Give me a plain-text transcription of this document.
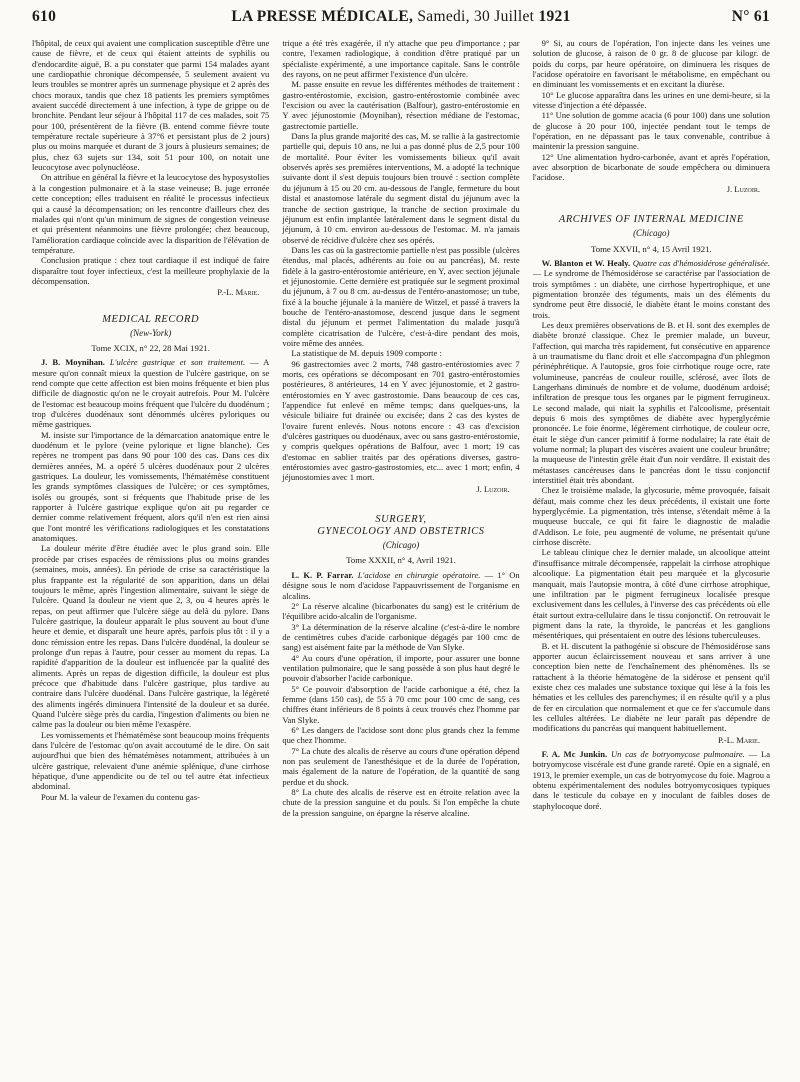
610	LA PRESSE MÉDICALE, Samedi, 30 Juillet 1921	N° 61

l'hôpital, de ceux qui avaient une complication susceptible d'être une cause de fièvre, et de ceux qui étaient atteints de syphilis ou d'endocardite aiguë, B. a pu constater que parmi 154 malades ayant une cardiopathie chronique décompensée, 5 seulement avaient vu leurs troubles se montrer après un surmenage physique et 2 après des chocs moraux, tandis que chez 18 patients les premiers symptômes avaient succédé directement à une infection, à type de grippe ou de bronchite. Pendant leur séjour à l'hôpital 117 de ces malades, soit 75 pour 100, présentèrent de la fièvre (B. entend comme fièvre toute température rectale supérieure à 37°6 et persistant plus de 2 jours) plus ou moins marquée et durant de 3 jours à plusieurs semaines; de plus, chez 63 sujets sur 134, soit 51 pour 100, on notait une leucocytose avec polynucléose.

On attribue en général la fièvre et la leucocytose des hyposystolies à la congestion pulmonaire et à la stase veineuse; B. juge erronée cette conception; elles traduisent en réalité le processus infectieux qui a causé la décompensation; on les rencontre d'ailleurs chez des malades qui n'ont qu'un minimum de signes de congestion veineuse et qui présentent néanmoins une fièvre prolongée; chez beaucoup, l'amélioration cardiaque coïncide avec la disparition de l'élévation de température.

Conclusion pratique : chez tout cardiaque il est indiqué de faire disparaître tout foyer infectieux, c'est la meilleure prophylaxie de la décompensation.

P.-L. Marie.
MEDICAL RECORD
(New-York)
Tome XCIX, n° 22, 28 Mai 1921.

J. B. Moynihan. L'ulcère gastrique et son traitement. — A mesure qu'on connaît mieux la question de l'ulcère gastrique, on se rend compte que cette affection est bien moins fréquente et bien plus difficile de diagnostic qu'on ne le croyait autrefois. Pour M. l'ulcère de l'estomac est beaucoup moins fréquent que l'ulcère du duodénum ; trop d'ulcères duodénaux sont dénommés ulcères pyloriques ou même gastriques.

M. insiste sur l'importance de la démarcation anatomique entre le duodénum et le pylore (veine pylorique et ligne blanche). Ces repères ne trompent pas dans 90 pour 100 des cas. Dans ces dix dernières années, M. a opéré 5 ulcères duodénaux pour 2 ulcères gastriques. La douleur, les vomissements, l'hématémèse constituent les grands symptômes classiques de l'ulcère; or ces symptômes, isolés ou groupés, sont si fréquents que l'habitude prise de les rapporter à l'ulcère gastrique explique qu'on ait pu regarder ce dernier comme relativement fréquent, alors qu'il n'en est rien ainsi que l'ont montré les vérifications radiologiques et les constatations anatomiques.

La douleur mérite d'être étudiée avec le plus grand soin. Elle procède par crises espacées de rémissions plus ou moins grandes (semaines, mois, années). En période de crise sa caractéristique la plus frappante est la régularité de son apparition, dans un délai toujours le même, après l'ingestion alimentaire, suivant le siège de l'ulcère. Quand la douleur ne vient que 2, 3, ou 4 heures après le repas, on peut affirmer que l'ulcère siège au delà du pylore. Dans l'ulcère gastrique, la douleur apparaît le plus souvent au bout d'une heure et demie, et disparaît une heure après, parfois plus tôt : il y a donc rémission entre les repas. Dans l'ulcère duodénal, la douleur se prolonge d'un repas à l'autre, pour cesser au moment du repas. La rapidité d'apparition de la douleur est influencée par la qualité des aliments. Après un repas de digestion difficile, la douleur est plus précoce que d'habitude dans l'ulcère gastrique, plus tardive au contraire dans l'ulcère duodénal. Dans l'ulcère gastrique, la légèreté des aliments ingérés diminuera l'intensité de la douleur et sa durée. Quand l'ulcère siège près du cardia, l'ingestion d'aliments ou bien ne calme pas la douleur ou bien même l'exaspère.

Les vomissements et l'hématémèse sont beaucoup moins fréquents dans l'ulcère de l'estomac qu'on avait accoutumé de le dire. On sait aujourd'hui que bien des hématémèses notamment, attribuées à un ulcère gastrique, relevaient d'une anémie splénique, d'une cirrhose hépatique, d'une appendicite ou de tel ou tel autre état infectieux abdominal.

Pour M. la valeur de l'examen du contenu gas-

trique a été très exagérée, il n'y attache que peu d'importance ; par contre, l'examen radiologique, à condition d'être pratiqué par un spécialiste expérimenté, a une importance capitale. Sans le contrôle des rayons, on ne peut affirmer l'existence d'un ulcère.

M. passe ensuite en revue les différentes méthodes de traitement : gastro-entérostomie, excision, gastro-entérostomie combinée avec l'excision ou avec la cautérisation (Balfour), gastro-entérostomie en Y avec jéjunostomie (Moynihan), résection médiane de l'estomac, gastrectomie partielle.

Dans la plus grande majorité des cas, M. se rallie à la gastrectomie partielle qui, depuis 10 ans, ne lui a pas donné plus de 2,5 pour 100 de mortalité. Pour éviter les vomissements bilieux qu'il avait observés après ses premières interventions, M. a adopté la technique suivante dont il s'est depuis toujours bien trouvé : section complète du jéjunum à 15 ou 20 cm. au-dessous de l'angle, fermeture du bout distal et anastomose latérale du segment distal du jéjunum avec la tranche de section gastrique, la tranche de section proximale du jéjunum est enfin implantée latéralement dans le segment distal du jéjunum, à 10 cm. environ au-dessous de l'estomac. M. n'a jamais observé de récidive d'ulcère chez ses opérés.

Dans les cas où la gastrectomie partielle n'est pas possible (ulcères étendus, mal placés, adhérents au foie ou au pancréas), M. reste fidèle à la gastro-entérostomie antérieure, en Y, avec section jéjunale et jéjunostomie. Cette dernière est pratiquée sur le segment proximal du jéjunum, à 7 ou 8 cm. au-dessus de l'entéro-anastomose; un tube, fixé à la bouche jéjunale à la manière de Witzel, et passé à travers la bouche de l'entéro-anastomose, descend jusque dans le segment distal du jéjunum et permet l'alimentation du malade jusqu'à complète cicatrisation de l'ulcère, c'est-à-dire pendant des mois, voire même des années.

La statistique de M. depuis 1909 comporte :

96 gastrectomies avec 2 morts, 748 gastro-entérostomies avec 7 morts, ces opérations se décomposant en 701 gastro-entérostomies postérieures, 8 antérieures, 14 en Y avec jéjunostomie, et 2 gastro-entérostomies en Y avec gastrostomie. Dans beaucoup de ces cas, l'appendice fut enlevé en même temps; dans quelques-uns, la vésicule biliaire fut drainée ou excisée; dans 2 cas des kystes de l'ovaire furent enlevés. Nous notons encore : 43 cas d'excision d'ulcères gastriques ou duodénaux, avec ou sans gastro-entérostomie, y compris quelques opérations de Balfour, avec 1 mort; 19 cas d'estomac en sablier traités par des opérations diverses, gastro-entérostomies avec gastro-gastrostomies, etc... avec 1 mort; enfin, 4 jéjunostomies avec 1 mort.

J. Luzoir.
SURGERY,
GYNECOLOGY AND OBSTETRICS
(Chicago)
Tome XXXII, n° 4, Avril 1921.

L. K. P. Farrar. L'acidose en chirurgie opératoire. — 1° On désigne sous le nom d'acidose l'appauvrissement de l'organisme en alcalins.

2° La réserve alcaline (bicarbonates du sang) est le critérium de l'équilibre acido-alcalin de l'organisme.

3° La détermination de la réserve alcaline (c'est-à-dire le nombre de centimètres cubes d'acide carbonique dégagés par 100 cmc de sang) est aisément faite par la méthode de Van Slyke.

4° Au cours d'une opération, il importe, pour assurer une bonne ventilation pulmonaire, que le sang possède à son plus haut degré le pouvoir d'absorber l'acide carbonique.

5° Ce pouvoir d'absorption de l'acide carbonique a été, chez la femme (dans 150 cas), de 55 à 70 cmc pour 100 cmc de sang, ces chiffres étant inférieurs de 8 points à ceux trouvés chez l'homme par Van Slyke.

6° Les dangers de l'acidose sont donc plus grands chez la femme que chez l'homme.

7° La chute des alcalis de réserve au cours d'une opération dépend non pas seulement de l'anesthésique et de la durée de l'opération, mais également de la nature de l'opération, de la quantité de sang perdue et du shock.

8° La chute des alcalis de réserve est en étroite relation avec la chute de la pression sanguine et du pouls. Si l'on empêche la chute de la pression sanguine, on épargne la réserve alcaline.

9° Si, au cours de l'opération, l'on injecte dans les veines une solution de glucose, à raison de 0 gr. 8 de glucose par kilogr. de poids du corps, par heure opératoire, on diminuera les risques de l'acidose opératoire en favorisant le métabolisme, en empêchant ou en diminuant les vomissements et en excitant la diurèse.

10° Le glucose apparaîtra dans les urines en une demi-heure, si la vitesse d'injection a été dépassée.

11° Une solution de gomme acacia (6 pour 100) dans une solution de glucose à 20 pour 100, injectée pendant tout le temps de l'opération, en ne dépassant pas le taux convenable, contribue à maintenir la pression sanguine.

12° Une alimentation hydro-carbonée, avant et après l'opération, avec absorption de bicarbonate de soude empêchera ou diminuera l'acidose.

J. Luzoir.
ARCHIVES OF INTERNAL MEDICINE
(Chicago)
Tome XXVII, n° 4, 15 Avril 1921.

W. Blanton et W. Healy. Quatre cas d'hémosidérose généralisée. — Le syndrome de l'hémosidérose se caractérise par l'association de trois symptômes : un diabète, une cirrhose hypertrophique, et une pigmentation bronzée des téguments, mais un des éléments du syndrome peut être dissocié, le diabète étant le moins constant des trois.

Les deux premières observations de B. et H. sont des exemples de diabète bronzé classique. Chez le premier malade, un buveur, l'affection, qui marcha très rapidement, fut consécutive en apparence à un traumatisme du flanc droit et elle s'accompagna d'un phlegmon périnéphrétique. A l'autopsie, gros foie cirrhotique rouge ocre, rate volumineuse, pancréas de couleur rouille, sclérosé, avec îlots de Langerhans diminués de nombre et de volume, duodénum ardoisé; infiltration de presque tous les organes par le pigment ferrugineux. Le second malade, qui niait la syphilis et l'alcoolisme, présentait depuis 6 mois des symptômes de diabète avec hyperglycémie prononcée. Le foie énorme, légèrement cirrhotique, de couleur ocre, était le siège d'un cancer primitif à forme nodulaire; la rate était de volume normal; la plupart des viscères avaient une couleur brunâtre; la muqueuse de l'intestin grêle était d'un noir verdâtre. Il existait des métastases cancéreuses dans le pancréas dont le tissu conjonctif interstitiel était très abondant.

Chez le troisième malade, la glycosurie, même provoquée, faisait défaut, mais comme chez les deux précédents, il existait une forte hyperglycémie. La pigmentation, très intense, s'étendait même à la muqueuse buccale, ce qui fit faire le diagnostic de maladie d'Addison. Le foie, peu augmenté de volume, ne présentait qu'une cirrhose discrète.

Le tableau clinique chez le dernier malade, un alcoolique atteint d'insuffisance mitrale décompensée, rappelait la cirrhose atrophique alcoolique. La pigmentation était peu marquée et la glycosurie manquait, mais l'autopsie montra, à côté d'une cirrhose atrophique, une infiltration par le pigment ferrugineux localisée presque exclusivement dans les cellules, à l'inverse des cas précédents où elle était surtout extra-cellulaire dans le tissu conjonctif. On retrouvait le pigment dans la rate, la thyroïde, le pancréas et les ganglions mésentériques, qui présentaient en outre des lésions tuberculeuses.

B. et H. discutent la pathogénie si obscure de l'hémosidérose sans apporter aucun éclaircissement nouveau et sans arriver à une conception bien nette de l'enchaînement des phénomènes. Ils se rattachent à la théorie hématogène de la sidérose et pensent qu'il existe chez ces malades une substance toxique qui lèse à la fois les hématies et les cellules des parenchymes; il en résulte qu'il y a plus de fer en circulation que normalement et que ce fer s'accumule dans les cellules altérées. Le diabète ne leur paraît pas dépendre de modifications du pancréas qui manquent habituellement.

P.-L. Marie.

F. A. Mc Junkin. Un cas de botryomycose pulmonaire. — La botryomycose viscérale est d'une grande rareté. Opie en a signalé, en 1913, le premier exemple, un cas de botryomycose du foie. Magrou a obtenu expérimentalement des nodules botryomycosiques typiques dans le testicule du cobaye en y inoculant de faibles doses de staphylocoque doré.
